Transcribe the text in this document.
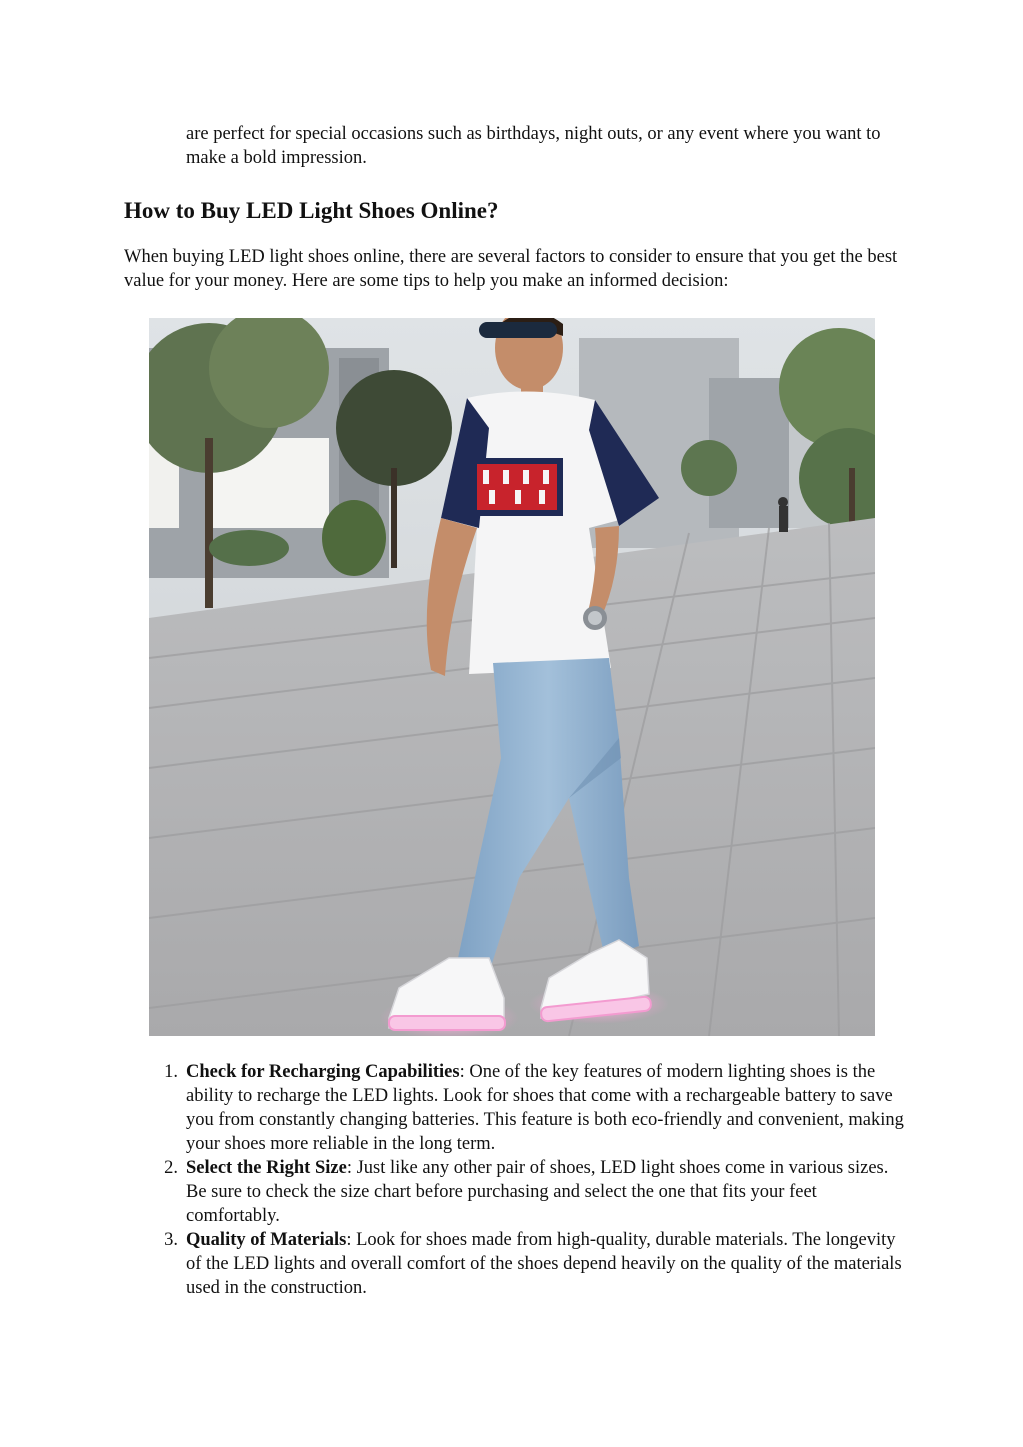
are perfect for special occasions such as birthdays, night outs, or any event where you want to make a bold impression.

How to Buy LED Light Shoes Online?

When buying LED light shoes online, there are several factors to consider to ensure that you get the best value for your money. Here are some tips to help you make an informed decision:

1. Check for Recharging Capabilities: One of the key features of modern lighting shoes is the ability to recharge the LED lights. Look for shoes that come with a rechargeable battery to save you from constantly changing batteries. This feature is both eco-friendly and convenient, making your shoes more reliable in the long term.
2. Select the Right Size: Just like any other pair of shoes, LED light shoes come in various sizes. Be sure to check the size chart before purchasing and select the one that fits your feet comfortably.
3. Quality of Materials: Look for shoes made from high-quality, durable materials. The longevity of the LED lights and overall comfort of the shoes depend heavily on the quality of the materials used in the construction.
